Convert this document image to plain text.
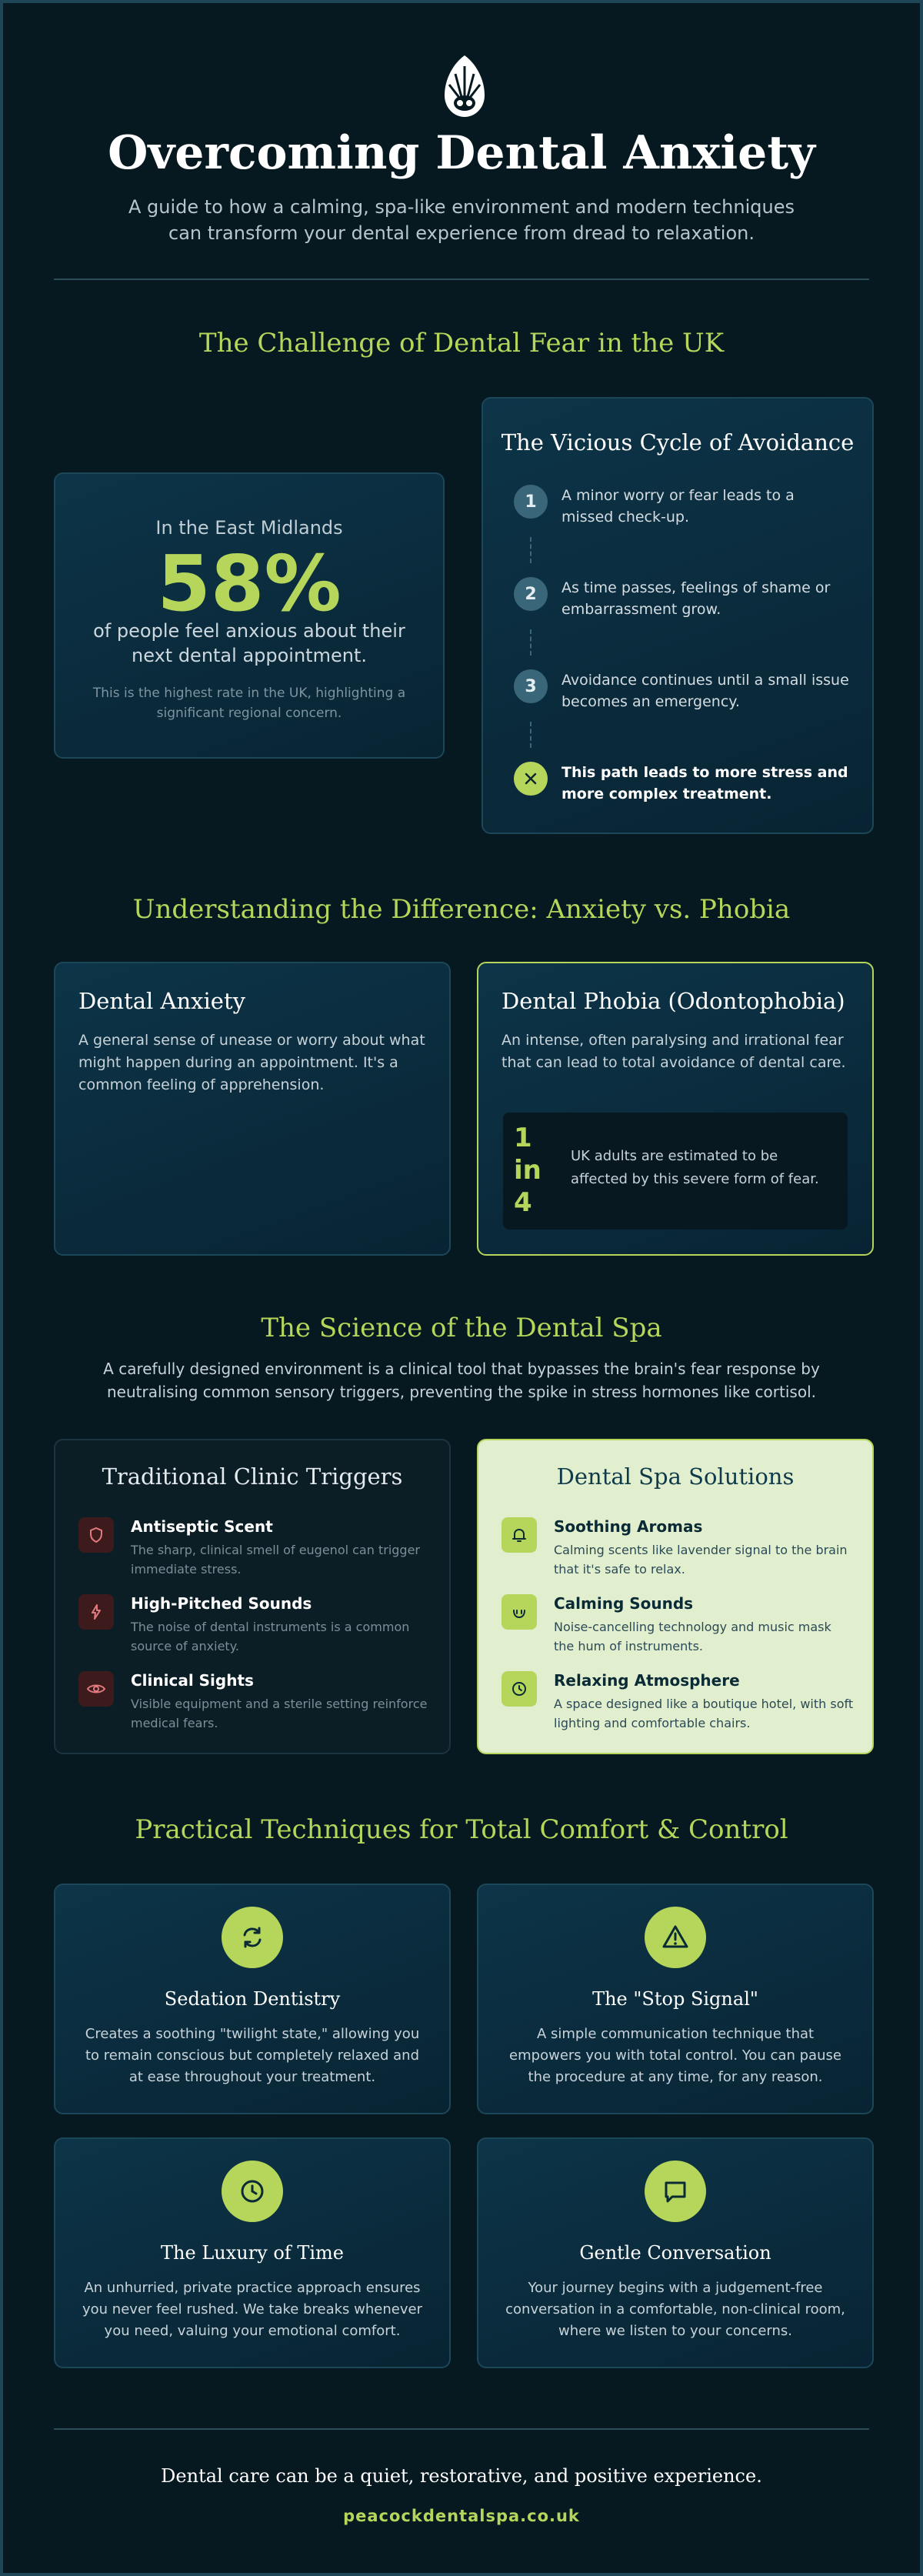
Overcoming Dental Anxiety
A guide to how a calming, spa-like environment and modern techniques can transform your dental experience from dread to relaxation.
The Challenge of Dental Fear in the UK
In the East Midlands
58%
of people feel anxious about their next dental appointment.
This is the highest rate in the UK, highlighting a significant regional concern.
The Vicious Cycle of Avoidance
1	A minor worry or fear leads to a missed check-up.
2	As time passes, feelings of shame or embarrassment grow.
3	Avoidance continues until a small issue becomes an emergency.
This path leads to more stress and more complex treatment.
Understanding the Difference: Anxiety vs. Phobia
Dental Anxiety
A general sense of unease or worry about what might happen during an appointment. It's a common feeling of apprehension.
Dental Phobia (Odontophobia)
An intense, often paralysing and irrational fear that can lead to total avoidance of dental care.
1
in
4
UK adults are estimated to be affected by this severe form of fear.
The Science of the Dental Spa
A carefully designed environment is a clinical tool that bypasses the brain's fear response by neutralising common sensory triggers, preventing the spike in stress hormones like cortisol.
Traditional Clinic Triggers
Antiseptic Scent
The sharp, clinical smell of eugenol can trigger immediate stress.
High-Pitched Sounds
The noise of dental instruments is a common source of anxiety.
Clinical Sights
Visible equipment and a sterile setting reinforce medical fears.
Dental Spa Solutions
Soothing Aromas
Calming scents like lavender signal to the brain that it's safe to relax.
Calming Sounds
Noise-cancelling technology and music mask the hum of instruments.
Relaxing Atmosphere
A space designed like a boutique hotel, with soft lighting and comfortable chairs.
Practical Techniques for Total Comfort & Control
Sedation Dentistry
Creates a soothing "twilight state," allowing you to remain conscious but completely relaxed and at ease throughout your treatment.
The "Stop Signal"
A simple communication technique that empowers you with total control. You can pause the procedure at any time, for any reason.
The Luxury of Time
An unhurried, private practice approach ensures you never feel rushed. We take breaks whenever you need, valuing your emotional comfort.
Gentle Conversation
Your journey begins with a judgement-free conversation in a comfortable, non-clinical room, where we listen to your concerns.
Dental care can be a quiet, restorative, and positive experience.
peacockdentalspa.co.uk
